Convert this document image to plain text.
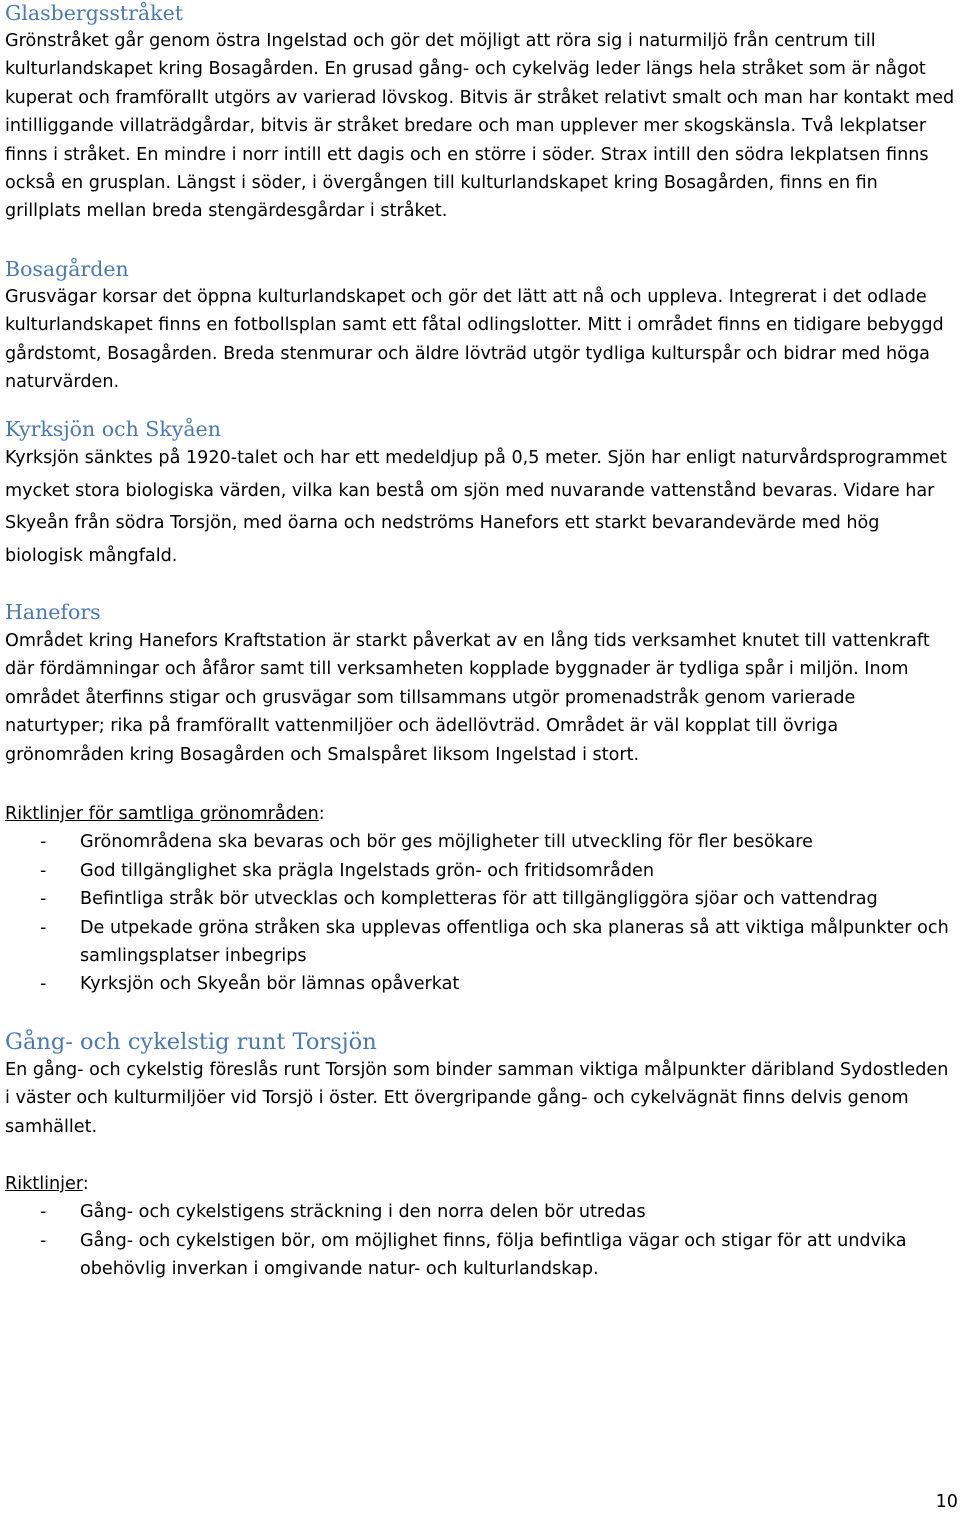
Glasbergsstråket

Grönstråket går genom östra Ingelstad och gör det möjligt att röra sig i naturmiljö från centrum till kulturlandskapet kring Bosagården. En grusad gång- och cykelväg leder längs hela stråket som är något kuperat och framförallt utgörs av varierad lövskog. Bitvis är stråket relativt smalt och man har kontakt med intilliggande villaträdgårdar, bitvis är stråket bredare och man upplever mer skogskänsla. Två lekplatser finns i stråket. En mindre i norr intill ett dagis och en större i söder. Strax intill den södra lekplatsen finns också en grusplan. Längst i söder, i övergången till kulturlandskapet kring Bosagården, finns en fin grillplats mellan breda stengärdesgårdar i stråket.

Bosagården

Grusvägar korsar det öppna kulturlandskapet och gör det lätt att nå och uppleva. Integrerat i det odlade kulturlandskapet finns en fotbollsplan samt ett fåtal odlingslotter. Mitt i området finns en tidigare bebyggd gårdstomt, Bosagården. Breda stenmurar och äldre lövträd utgör tydliga kulturspår och bidrar med höga naturvärden.

Kyrksjön och Skyåen

Kyrksjön sänktes på 1920-talet och har ett medeldjup på 0,5 meter. Sjön har enligt naturvårdsprogrammet mycket stora biologiska värden, vilka kan bestå om sjön med nuvarande vattenstånd bevaras. Vidare har Skyeån från södra Torsjön, med öarna och nedströms Hanefors ett starkt bevarandevärde med hög biologisk mångfald.

Hanefors

Området kring Hanefors Kraftstation är starkt påverkat av en lång tids verksamhet knutet till vattenkraft där fördämningar och åfåror samt till verksamheten kopplade byggnader är tydliga spår i miljön. Inom området återfinns stigar och grusvägar som tillsammans utgör promenadstråk genom varierade naturtyper; rika på framförallt vattenmiljöer och ädellövträd. Området är väl kopplat till övriga grönområden kring Bosagården och Smalspåret liksom Ingelstad i stort.

Riktlinjer för samtliga grönområden:

- Grönområdena ska bevaras och bör ges möjligheter till utveckling för fler besökare
- God tillgänglighet ska prägla Ingelstads grön- och fritidsområden
- Befintliga stråk bör utvecklas och kompletteras för att tillgängliggöra sjöar och vattendrag
- De utpekade gröna stråken ska upplevas offentliga och ska planeras så att viktiga målpunkter och samlingsplatser inbegrips
- Kyrksjön och Skyeån bör lämnas opåverkat
Gång- och cykelstig runt Torsjön

En gång- och cykelstig föreslås runt Torsjön som binder samman viktiga målpunkter däribland Sydostleden i väster och kulturmiljöer vid Torsjö i öster. Ett övergripande gång- och cykelvägnät finns delvis genom samhället.

Riktlinjer:

- Gång- och cykelstigens sträckning i den norra delen bör utredas
- Gång- och cykelstigen bör, om möjlighet finns, följa befintliga vägar och stigar för att undvika obehövlig inverkan i omgivande natur- och kulturlandskap.
10
